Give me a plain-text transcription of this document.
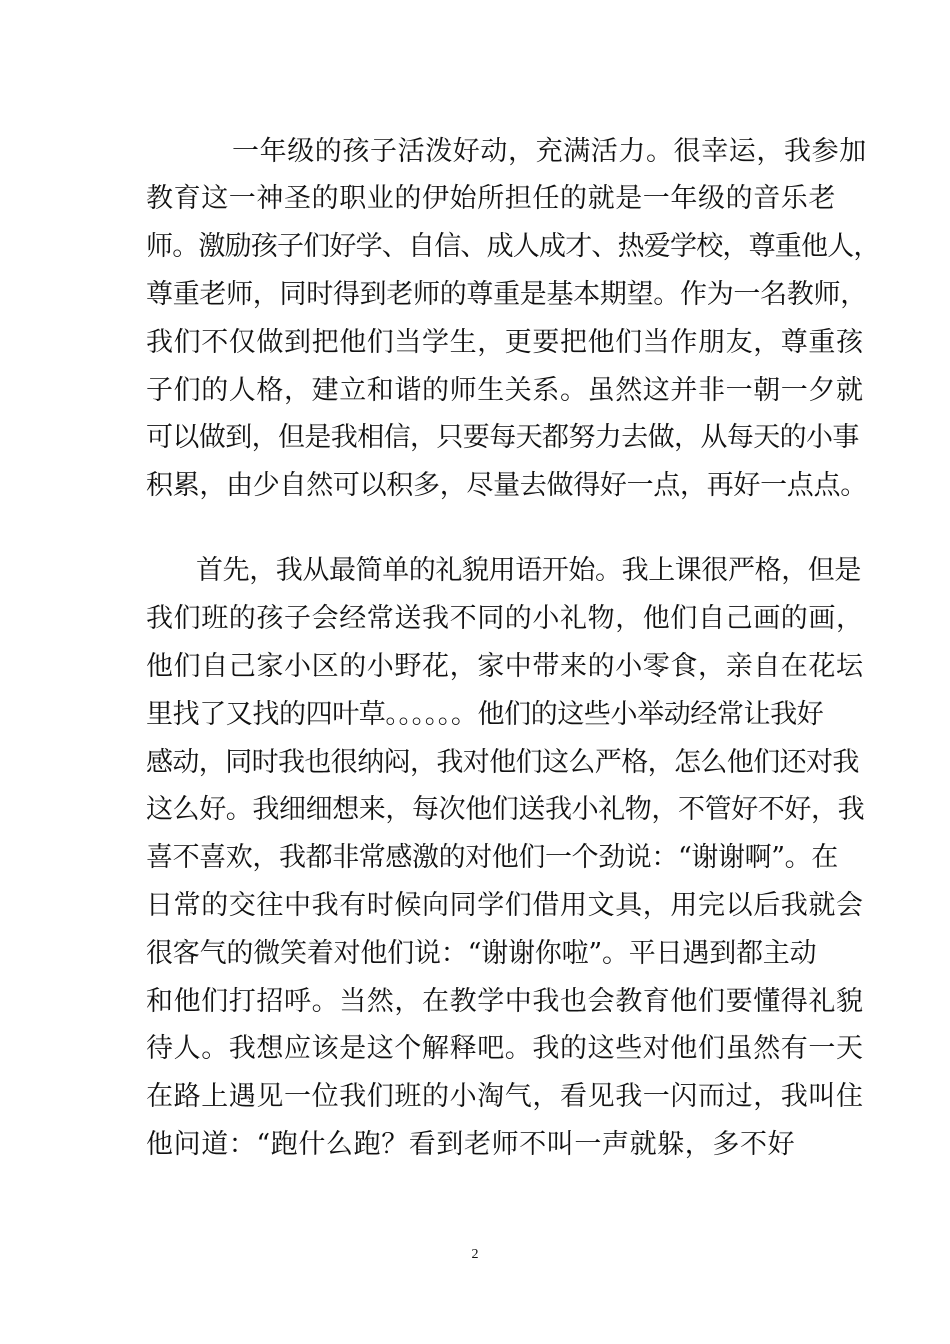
一年级的孩子活泼好动，充满活力。很幸运，我参加
教育这一神圣的职业的伊始所担任的就是一年级的音乐老
师。激励孩子们好学、自信、成人成才、热爱学校，尊重他人，
尊重老师，同时得到老师的尊重是基本期望。作为一名教师，
我们不仅做到把他们当学生，更要把他们当作朋友，尊重孩
子们的人格，建立和谐的师生关系。虽然这并非一朝一夕就
可以做到，但是我相信，只要每天都努力去做，从每天的小事
积累，由少自然可以积多，尽量去做得好一点，再好一点点。
首先，我从最简单的礼貌用语开始。我上课很严格，但是
我们班的孩子会经常送我不同的小礼物，他们自己画的画，
他们自己家小区的小野花，家中带来的小零食，亲自在花坛
里找了又找的四叶草。。。。。。他们的这些小举动经常让我好
感动，同时我也很纳闷，我对他们这么严格，怎么他们还对我
这么好。我细细想来，每次他们送我小礼物，不管好不好，我
喜不喜欢，我都非常感激的对他们一个劲说：“谢谢啊”。在
日常的交往中我有时候向同学们借用文具，用完以后我就会
很客气的微笑着对他们说：“谢谢你啦”。平日遇到都主动
和他们打招呼。当然，在教学中我也会教育他们要懂得礼貌
待人。我想应该是这个解释吧。我的这些对他们虽然有一天
在路上遇见一位我们班的小淘气，看见我一闪而过，我叫住
他问道：“跑什么跑？看到老师不叫一声就躲，多不好
2
